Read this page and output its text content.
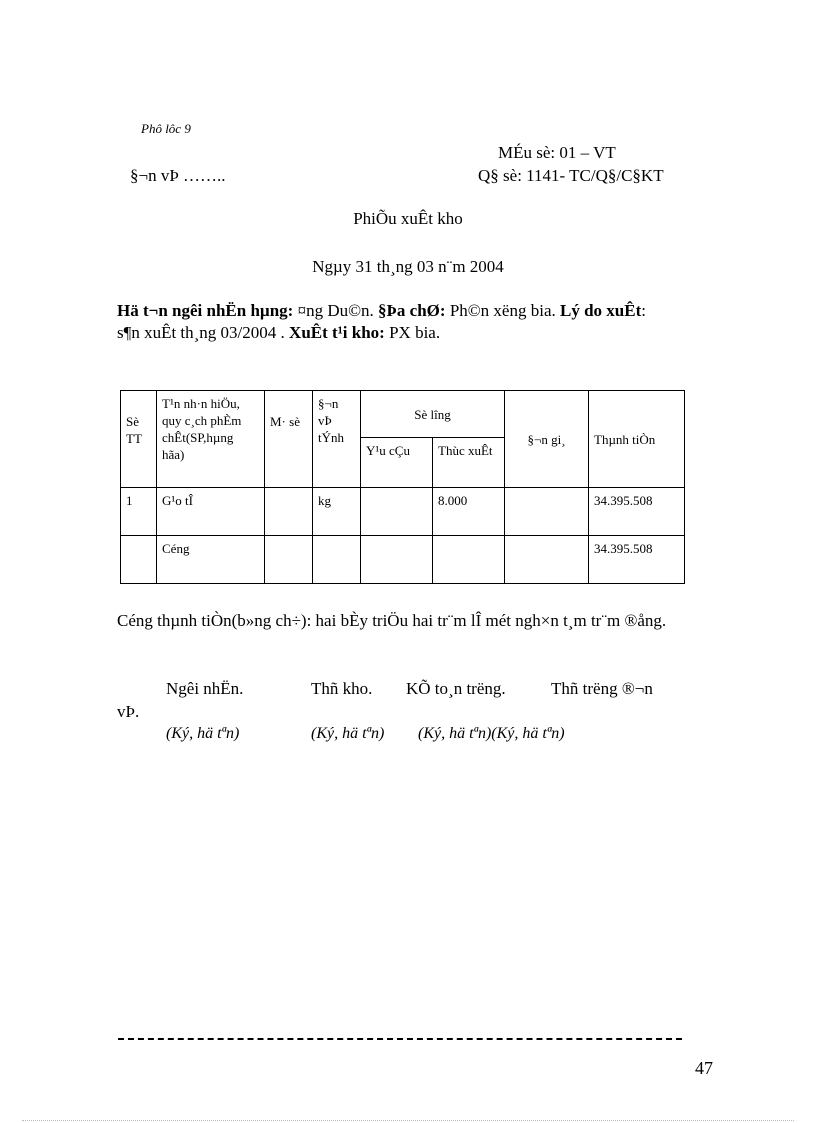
Phô lôc 9
MÉu sè: 01 – VT
§¬n vÞ ……..	Q§ sè: 1141- TC/Q§/C§KT
PhiÕu xuÊt kho
Ngµy 31 th¸ng 03 n¨m 2004
Hä t¬n ngêi nhËn hµng: ¤ng Du©n. §Þa chØ: Ph©n xëng bia. Lý do xuÊt:
s¶n xuÊt th¸ng 03/2004 . XuÊt t¹i kho: PX bia.
Sè TT	T¹n nh·n hiÖu, quy c¸ch phÈm chÊt(SP,hµng hãa)	M· sè	§¬n vÞ tÝnh	Sè lîng		§¬n gi¸	Thµnh tiÒn
				Y¹u cÇu	Thùc xuÊt		
1	G¹o tÎ		kg		8.000		34.395.508
	Céng						34.395.508
Céng thµnh tiÒn(b»ng ch÷): hai bÈy triÖu hai tr¨m lÎ mét ngh×n t¸m tr¨m ®ång.
Ngêi nhËn.	Thñ kho. KÕ to¸n trëng.	Thñ trëng ®¬n
vÞ.
(Ký, hä tªn)	(Ký, hä tªn) (Ký, hä tªn)(Ký, hä tªn)
47
